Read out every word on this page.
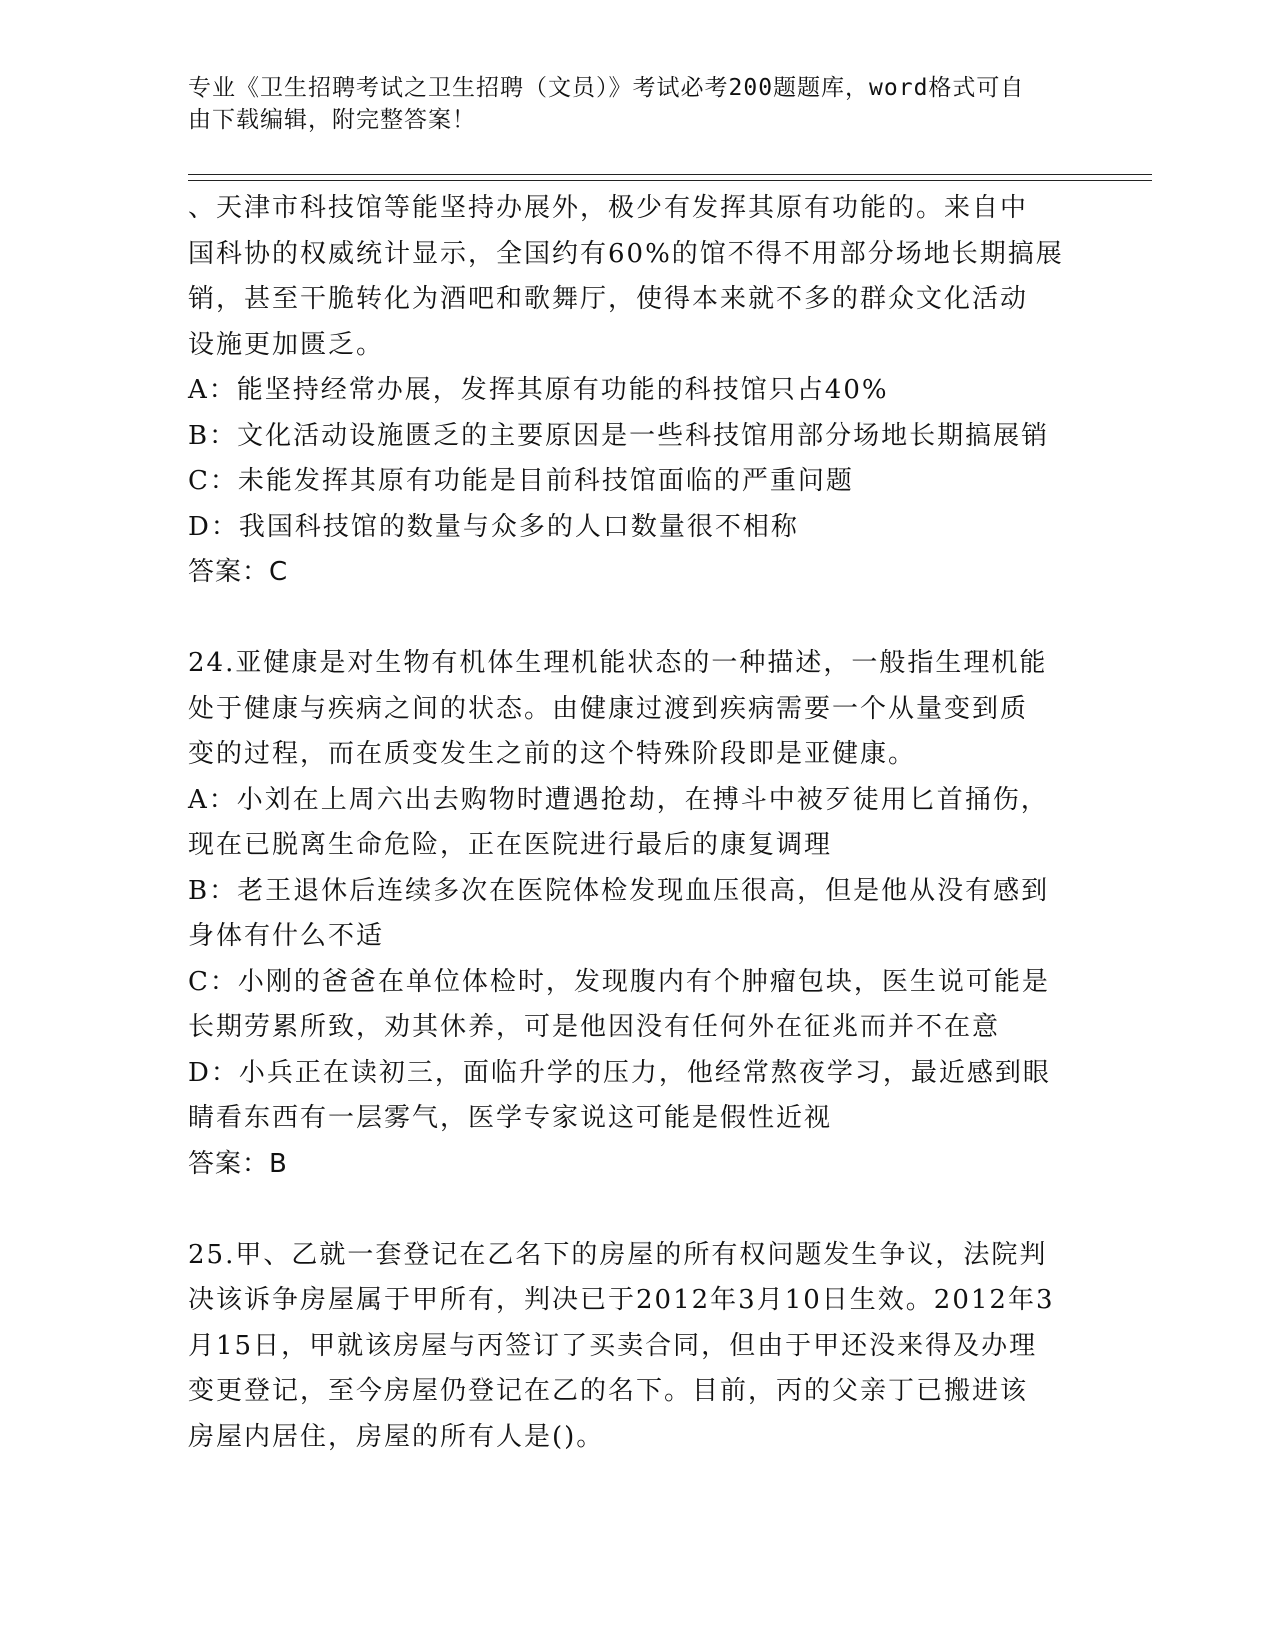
专业《卫生招聘考试之卫生招聘（文员）》考试必考200题题库，word格式可自
由下载编辑，附完整答案！
、天津市科技馆等能坚持办展外，极少有发挥其原有功能的。来自中
国科协的权威统计显示，全国约有60%的馆不得不用部分场地长期搞展
销，甚至干脆转化为酒吧和歌舞厅，使得本来就不多的群众文化活动
设施更加匮乏。
A：能坚持经常办展，发挥其原有功能的科技馆只占40%
B：文化活动设施匮乏的主要原因是一些科技馆用部分场地长期搞展销
C：未能发挥其原有功能是目前科技馆面临的严重问题
D：我国科技馆的数量与众多的人口数量很不相称
答案：C
24.亚健康是对生物有机体生理机能状态的一种描述，一般指生理机能
处于健康与疾病之间的状态。由健康过渡到疾病需要一个从量变到质
变的过程，而在质变发生之前的这个特殊阶段即是亚健康。
A：小刘在上周六出去购物时遭遇抢劫，在搏斗中被歹徒用匕首捅伤，
现在已脱离生命危险，正在医院进行最后的康复调理
B：老王退休后连续多次在医院体检发现血压很高，但是他从没有感到
身体有什么不适
C：小刚的爸爸在单位体检时，发现腹内有个肿瘤包块，医生说可能是
长期劳累所致，劝其休养，可是他因没有任何外在征兆而并不在意
D：小兵正在读初三，面临升学的压力，他经常熬夜学习，最近感到眼
睛看东西有一层雾气，医学专家说这可能是假性近视
答案：B
25.甲、乙就一套登记在乙名下的房屋的所有权问题发生争议，法院判
决该诉争房屋属于甲所有，判决已于2012年3月10日生效。2012年3
月15日，甲就该房屋与丙签订了买卖合同，但由于甲还没来得及办理
变更登记，至今房屋仍登记在乙的名下。目前，丙的父亲丁已搬进该
房屋内居住，房屋的所有人是()。
